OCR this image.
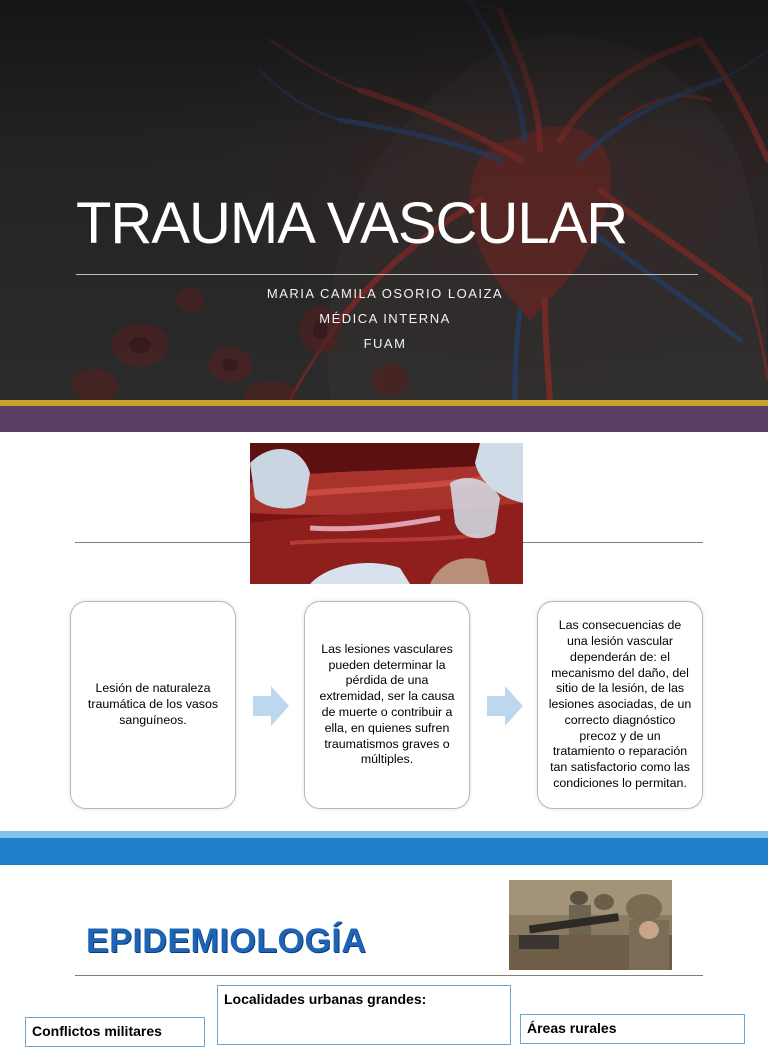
TRAUMA VASCULAR
MARIA CAMILA OSORIO LOAIZA
MÉDICA INTERNA
FUAM
Lesión de naturaleza traumática de los vasos sanguíneos.
Las lesiones vasculares pueden determinar la pérdida de una extremidad, ser la causa de muerte o contribuir a ella, en quienes sufren traumatismos graves o múltiples.
Las consecuencias de una lesión vascular dependerán de: el mecanismo del daño, del sitio de la lesión, de las lesiones asociadas, de un correcto diagnóstico precoz y de un tratamiento o reparación tan satisfactorio como las condiciones lo permitan.
EPIDEMIOLOGÍA
Localidades urbanas grandes:
Conflictos militares	Áreas rurales
